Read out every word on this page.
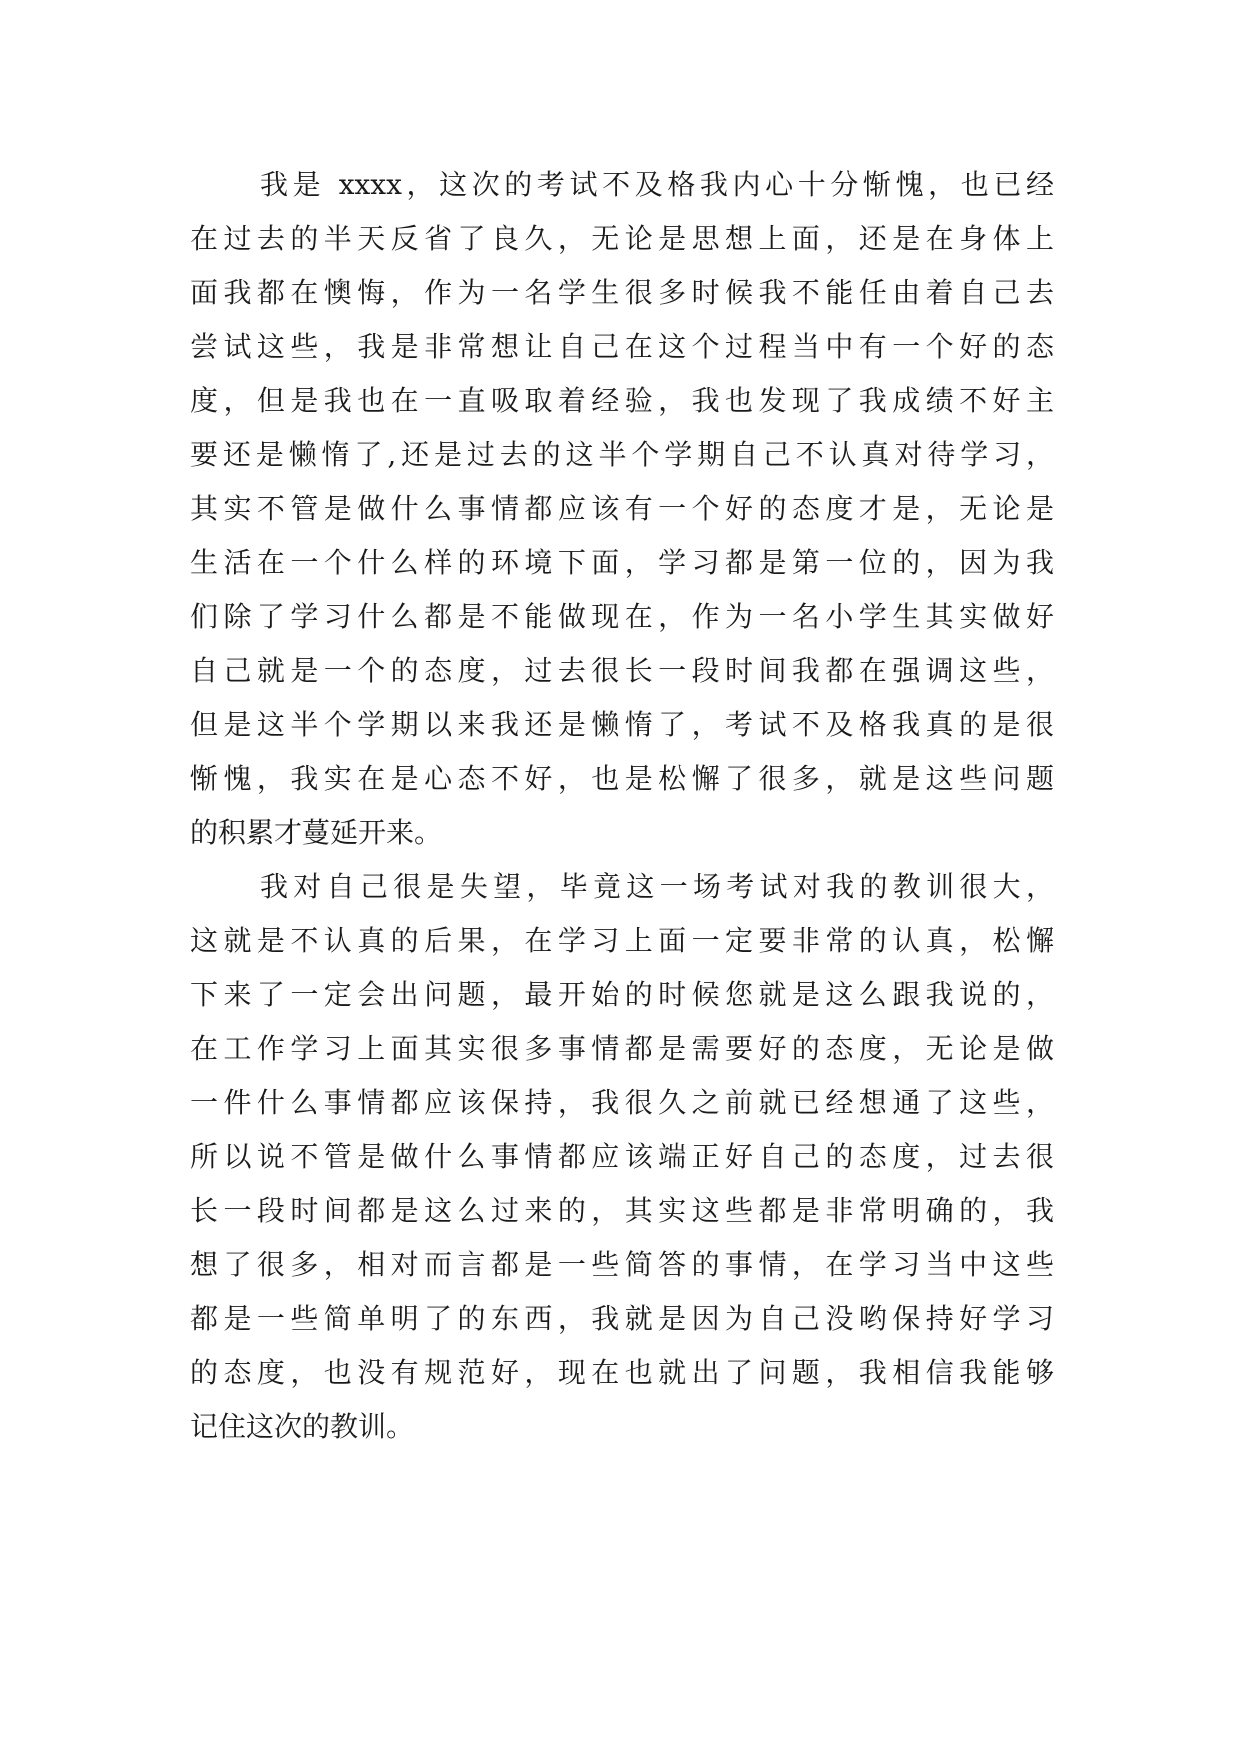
我是 xxxx，这次的考试不及格我内心十分惭愧，也已经
在过去的半天反省了良久，无论是思想上面，还是在身体上
面我都在懊悔，作为一名学生很多时候我不能任由着自己去
尝试这些，我是非常想让自己在这个过程当中有一个好的态
度，但是我也在一直吸取着经验，我也发现了我成绩不好主
要还是懒惰了,还是过去的这半个学期自己不认真对待学习，
其实不管是做什么事情都应该有一个好的态度才是，无论是
生活在一个什么样的环境下面，学习都是第一位的，因为我
们除了学习什么都是不能做现在，作为一名小学生其实做好
自己就是一个的态度，过去很长一段时间我都在强调这些，
但是这半个学期以来我还是懒惰了，考试不及格我真的是很
惭愧，我实在是心态不好，也是松懈了很多，就是这些问题
的积累才蔓延开来。
我对自己很是失望，毕竟这一场考试对我的教训很大，
这就是不认真的后果，在学习上面一定要非常的认真，松懈
下来了一定会出问题，最开始的时候您就是这么跟我说的，
在工作学习上面其实很多事情都是需要好的态度，无论是做
一件什么事情都应该保持，我很久之前就已经想通了这些，
所以说不管是做什么事情都应该端正好自己的态度，过去很
长一段时间都是这么过来的，其实这些都是非常明确的，我
想了很多，相对而言都是一些简答的事情，在学习当中这些
都是一些简单明了的东西，我就是因为自己没哟保持好学习
的态度，也没有规范好，现在也就出了问题，我相信我能够
记住这次的教训。
